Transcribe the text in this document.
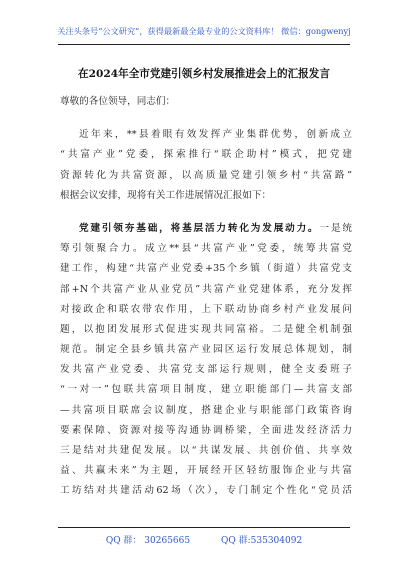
关注头条号“公文研究”，获得最新最全最专业的公文资料库！ 微信：gongwenyj
在2024年全市党建引领乡村发展推进会上的汇报发言
尊敬的各位领导，同志们：
近年来，**县着眼有效发挥产业集群优势，创新成立
“共富产业”党委，探索推行“联企助村”模式，把党建
资源转化为共富资源，以高质量党建引领乡村“共富路”
根据会议安排，现将有关工作进展情况汇报如下：
党建引领夯基础，将基层活力转化为发展动力。一是统
筹引领聚合力。成立**县“共富产业”党委，统筹共富党
建工作，构建“共富产业党委+35个乡镇（街道）共富党支
部+N个共富产业从业党员”共富产业党建体系，充分发挥
对接政企和联农带农作用，上下联动协商乡村产业发展问
题，以抱团发展形式促进实现共同富裕。二是健全机制强
规范。制定全县乡镇共富产业园区运行发展总体规划，制
发共富产业党委、共富党支部运行规则，健全支委班子
“一对一”包联共富项目制度，建立职能部门—共富支部
—共富项目联席会议制度，搭建企业与职能部门政策咨询
要素保障、资源对接等沟通协调桥梁，全面进发经济活力
三是结对共建促发展。以“共谋发展、共创价值、共享效
益、共赢未来”为主题，开展经开区轻纺服饰企业与共富
工坊结对共建活动62场（次），专门制定个性化“党员活
QQ 群： 30265665	QQ 群:535304092
